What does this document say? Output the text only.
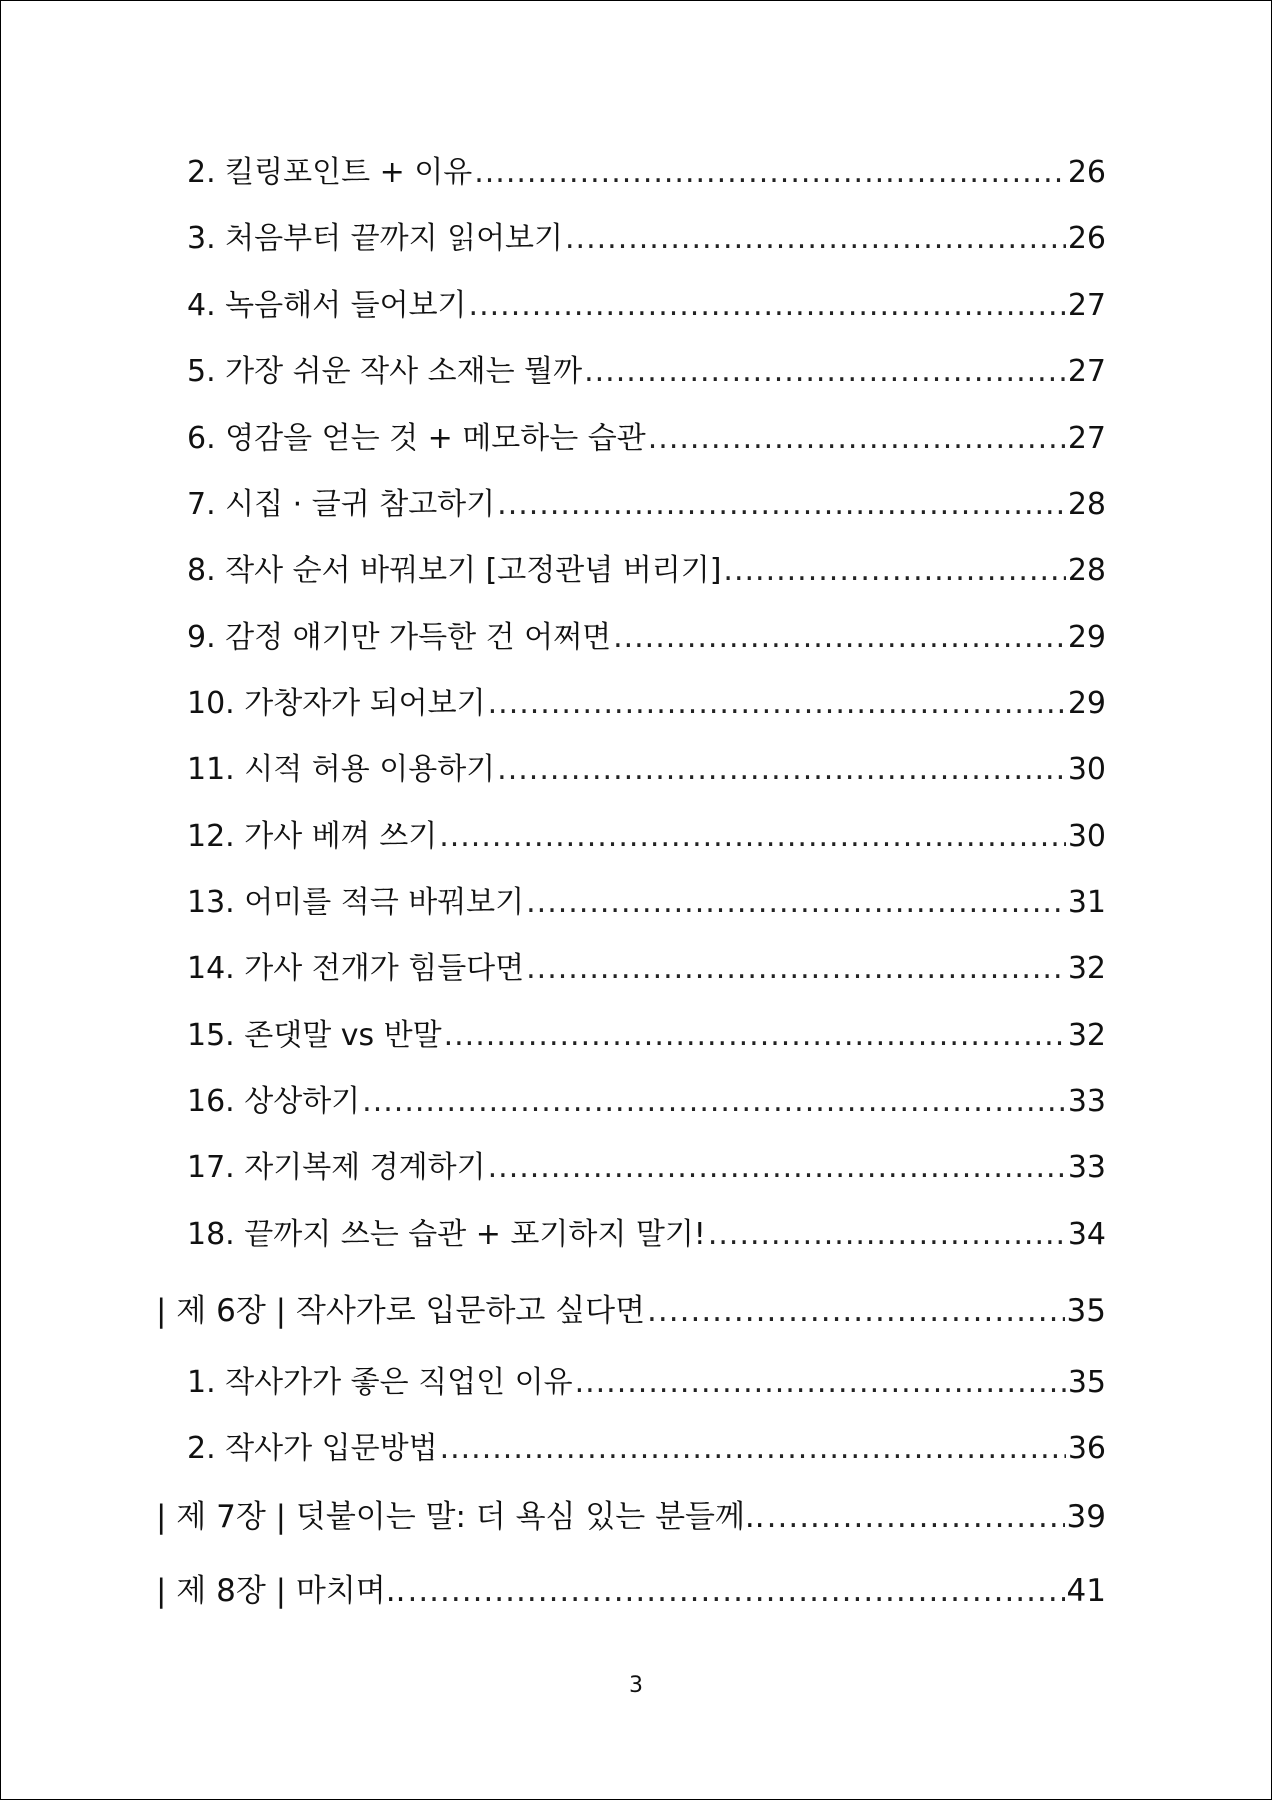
2. 킬링포인트 + 이유 .....	26
3. 처음부터 끝까지 읽어보기 .....	26
4. 녹음해서 들어보기 .....	27
5. 가장 쉬운 작사 소재는 뭘까 .....	27
6. 영감을 얻는 것 + 메모하는 습관 .....	27
7. 시집 · 글귀 참고하기 .....	28
8. 작사 순서 바꿔보기 [고정관념 버리기] .....	28
9. 감정 얘기만 가득한 건 어쩌면 .....	29
10. 가창자가 되어보기 .....	29
11. 시적 허용 이용하기 .....	30
12. 가사 베껴 쓰기 .....	30
13. 어미를 적극 바꿔보기 .....	31
14. 가사 전개가 힘들다면 .....	32
15. 존댓말 vs 반말 .....	32
16. 상상하기 .....	33
17. 자기복제 경계하기 .....	33
18. 끝까지 쓰는 습관 + 포기하지 말기! .....	34
| 제 6장 | 작사가로 입문하고 싶다면 .....	35
1. 작사가가 좋은 직업인 이유 .....	35
2. 작사가 입문방법 .....	36
| 제 7장 | 덧붙이는 말: 더 욕심 있는 분들께.. .....	39
| 제 8장 | 마치며.. .....	41
3
